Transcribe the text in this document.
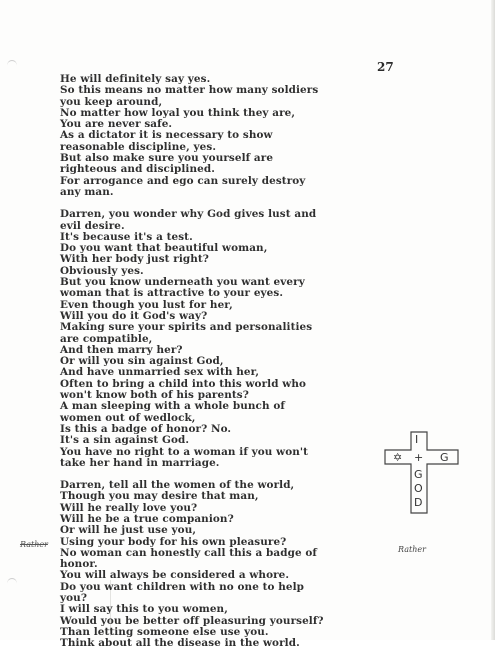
27
He will definitely say yes.
So this means no matter how many soldiers
you keep around,
No matter how loyal you think they are,
You are never safe.
As a dictator it is necessary to show
reasonable discipline, yes.
But also make sure you yourself are
righteous and disciplined.
For arrogance and ego can surely destroy
any man.
Darren, you wonder why God gives lust and
evil desire.
It's because it's a test.
Do you want that beautiful woman,
With her body just right?
Obviously yes.
But you know underneath you want every
woman that is attractive to your eyes.
Even though you lust for her,
Will you do it God's way?
Making sure your spirits and personalities
are compatible,
And then marry her?
Or will you sin against God,
And have unmarried sex with her,
Often to bring a child into this world who
won't know both of his parents?
A man sleeping with a whole bunch of
women out of wedlock,
Is this a badge of honor? No.
It's a sin against God.
You have no right to a woman if you won't
take her hand in marriage.
Darren, tell all the women of the world,
Though you may desire that man,
Will he really love you?
Will he be a true companion?
Or will he just use you,
Using your body for his own pleasure?
No woman can honestly call this a badge of
honor.
You will always be considered a whore.
Do you want children with no one to help
you?
I will say this to you women,
Would you be better off pleasuring yourself?
Than letting someone else use you.
Think about all the disease in the world.
Rather
Rather
I
✡ + G
G
O
D
